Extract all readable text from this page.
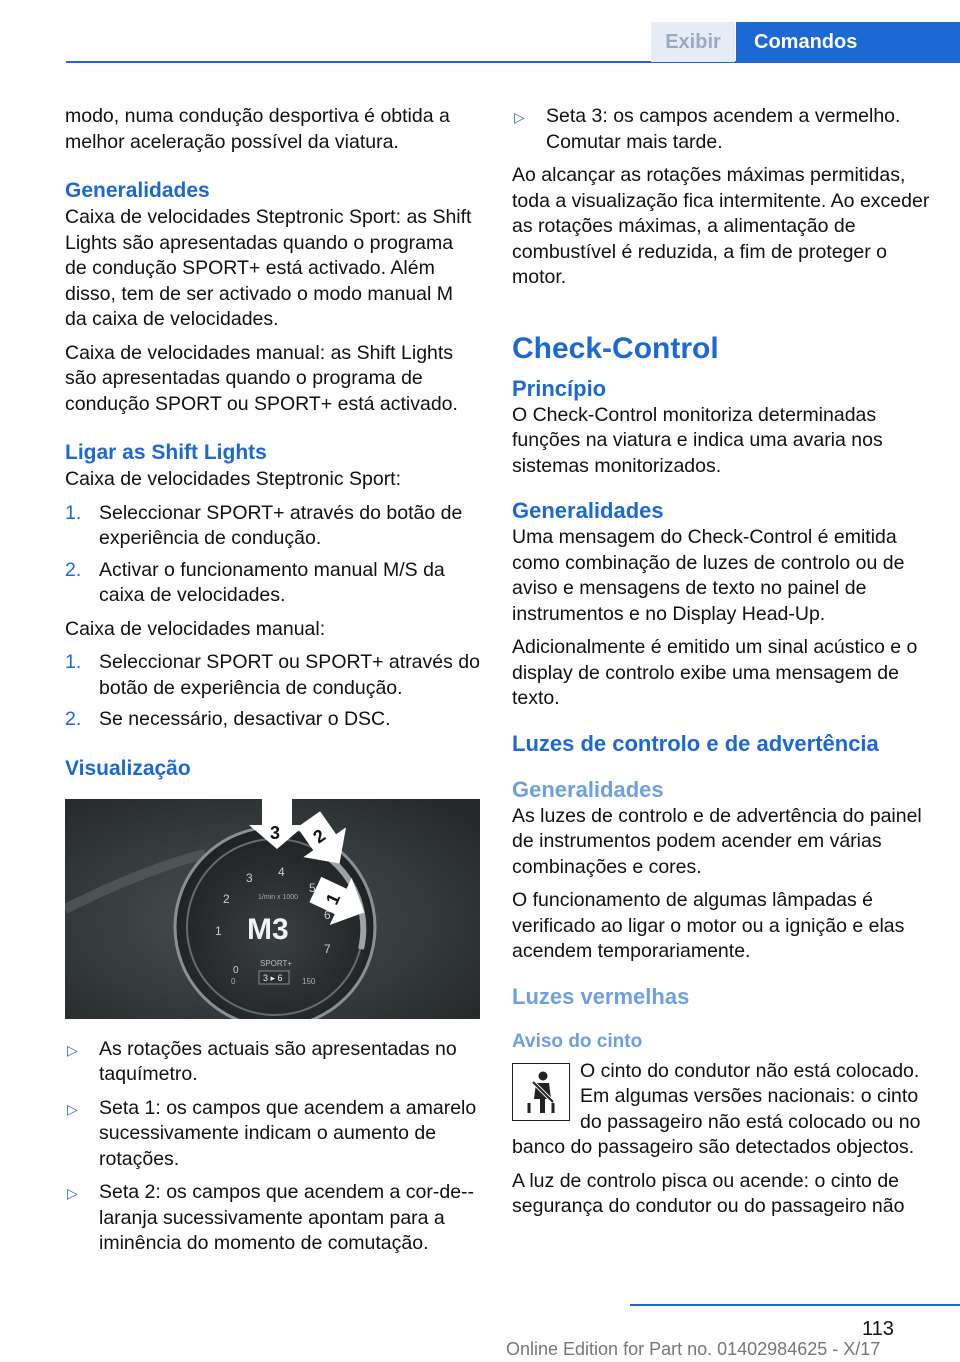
Exibir	Comandos

modo, numa condução desportiva é obtida a melhor aceleração possível da viatura.

Generalidades

Caixa de velocidades Steptronic Sport: as Shift Lights são apresentadas quando o programa de condução SPORT+ está activado. Além disso, tem de ser activado o modo manual M da caixa de velocidades.

Caixa de velocidades manual: as Shift Lights são apresentadas quando o programa de condução SPORT ou SPORT+ está activado.

Ligar as Shift Lights

Caixa de velocidades Steptronic Sport:

1. Seleccionar SPORT+ através do botão de experiência de condução.
2. Activar o funcionamento manual M/S da caixa de velocidades.

Caixa de velocidades manual:

1. Seleccionar SPORT ou SPORT+ através do botão de experiência de condução.
2. Se necessário, desactivar o DSC.
Visualização
0
1
2
3 4
5
6
7
1/min x 1000
M3
SPORT+
3 ▸ 6
0	150
3 2
1
▷ As rotações actuais são apresentadas no taquímetro.
▷ Seta 1: os campos que acendem a amarelo sucessivamente indicam o aumento de rotações.
▷ Seta 2: os campos que acendem a cor-de--laranja sucessivamente apontam para a iminência do momento de comutação.
▷ Seta 3: os campos acendem a vermelho. Comutar mais tarde.

Ao alcançar as rotações máximas permitidas, toda a visualização fica intermitente. Ao exceder as rotações máximas, a alimentação de combustível é reduzida, a fim de proteger o motor.

Check-Control
Princípio

O Check-Control monitoriza determinadas funções na viatura e indica uma avaria nos sistemas monitorizados.

Generalidades

Uma mensagem do Check-Control é emitida como combinação de luzes de controlo ou de aviso e mensagens de texto no painel de instrumentos e no Display Head-Up.

Adicionalmente é emitido um sinal acústico e o display de controlo exibe uma mensagem de texto.

Luzes de controlo e de advertência
Generalidades

As luzes de controlo e de advertência do painel de instrumentos podem acender em várias combinações e cores.

O funcionamento de algumas lâmpadas é verificado ao ligar o motor ou a ignição e elas acendem temporariamente.

Luzes vermelhas
Aviso do cinto

O cinto do condutor não está colocado. Em algumas versões nacionais: o cinto do passageiro não está colocado ou no banco do passageiro são detectados objectos.

A luz de controlo pisca ou acende: o cinto de segurança do condutor ou do passageiro não

113
Online Edition for Part no. 01402984625 - X/17
